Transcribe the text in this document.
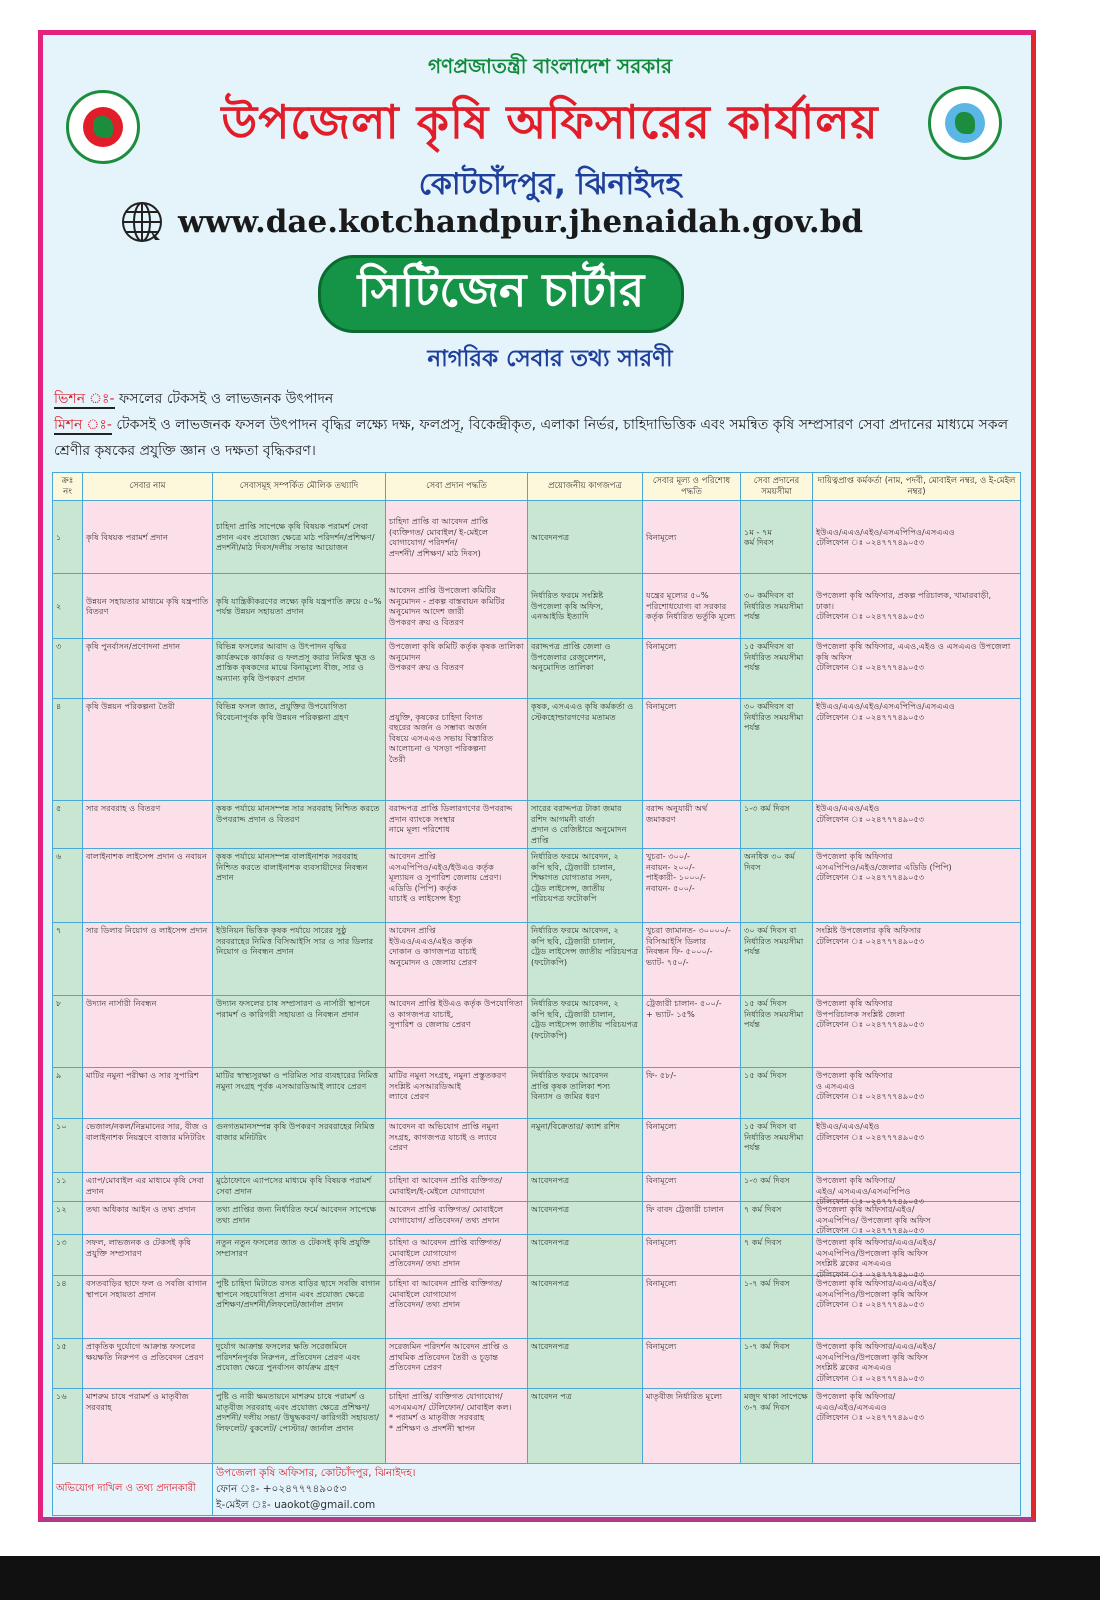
গণপ্রজাতন্ত্রী বাংলাদেশ সরকার
উপজেলা কৃষি অফিসারের কার্যালয়
কোটচাঁদপুর, ঝিনাইদহ
www.dae.kotchandpur.jhenaidah.gov.bd
সিটিজেন চার্টার
নাগরিক সেবার তথ্য সারণী
ভিশন ঃ- ফসলের টেকসই ও লাভজনক উৎপাদন
মিশন ঃ- টেকসই ও লাভজনক ফসল উৎপাদন বৃদ্ধির লক্ষ্যে দক্ষ, ফলপ্রসূ, বিকেন্দ্রীকৃত, এলাকা নির্ভর, চাহিদাভিত্তিক এবং সমন্বিত কৃষি সম্প্রসারণ সেবা প্রদানের মাধ্যমে সকল শ্রেণীর কৃষকের প্রযুক্তি জ্ঞান ও দক্ষতা বৃদ্ধিকরণ।
ক্রঃ নং	সেবার নাম	সেবাসমূহ সম্পর্কিত মৌলিক তথ্যাদি	সেবা প্রদান পদ্ধতি	প্রয়োজনীয় কাগজপত্র	সেবার মূল্য ও পরিশোধ পদ্ধতি	সেবা প্রদানের সময়সীমা	দায়িত্বপ্রাপ্ত কর্মকর্তা (নাম, পদবী, মোবাইল নম্বর, ও ই-মেইল নম্বর)

১	কৃষি বিষয়ক পরামর্শ প্রদান	চাহিদা প্রাপ্তি সাপেক্ষে কৃষি বিষয়ক পরামর্শ সেবা প্রদান এবং প্রযোজ্য ক্ষেত্রে মাঠ পরিদর্শন/প্রশিক্ষণ/প্রদর্শনী/মাঠ দিবস/দলীয় সভার আয়োজন	চাহিদা প্রাপ্তি বা আবেদন প্রাপ্তি
(ব্যক্তিগত/ মোবাইল/ ই-মেইলে
যোগাযোগ/ পরিদর্শন/
প্রদর্শনী/ প্রশিক্ষণ/ মাঠ দিবস)	আবেদনপত্র	বিনামূল্যে	১ম - ৭ম
কর্ম দিবস	ইউএও/এএও/এইও/এসএপিপিও/এসএএও
টেলিফোন ঃ ০২৪৭৭৭৪৯০৫৩

২	উন্নয়ন সহায়তার মাধ্যমে কৃষি যন্ত্রপাতি বিতরণ	কৃষি যান্ত্রিকীকরণের লক্ষ্যে কৃষি যন্ত্রপাতি ক্রয়ে ৫০% পর্যন্ত উন্নয়ন সহায়তা প্রদান	আবেদন প্রাপ্তি উপজেলা কমিটির
অনুমোদন - প্রকল্প বাস্তবায়ন কমিটির অনুমোদন আদেশ জারী
উপকরণ ক্রয় ও বিতরণ	নির্ধারিত ফরমে সংশ্লিষ্ট
উপজেলা কৃষি অফিস, এনআইডি ইত্যাদি	যন্ত্রের মূল্যের ৫০%
পরিশোধযোগ্য বা সরকার কর্তৃক নির্ধারিত ভর্তুকি মূল্যে	৩০ কর্মদিবস বা নির্ধারিত সময়সীমা পর্যন্ত	উপজেলা কৃষি অফিসার, প্রকল্প পরিচালক, খামারবাড়ী,
ঢাকা।
টেলিফোন ঃ ০২৪৭৭৭৪৯০৫৩

৩	কৃষি পুনর্বাসন/প্রণোদনা প্রদান	বিভিন্ন ফসলের আবাদ ও উৎপাদন বৃদ্ধির কার্যক্রমকে কার্যকর ও ফলপ্রসূ করার নিমিত্ত ক্ষুদ্র ও প্রান্তিক কৃষকদের মাঝে বিনামূল্যে বীজ, সার ও অন্যান্য কৃষি উপকরণ প্রদান	উপজেলা কৃষি কমিটি কর্তৃক কৃষক তালিকা অনুমোদন
উপকরণ ক্রয় ও বিতরণ	বরাদ্দপত্র প্রাপ্তি জেলা ও
উপজেলার রেজুলেশন,
অনুমোদিত তালিকা	বিনামূল্যে	১৫ কর্মদিবস বা নির্ধারিত সময়সীমা পর্যন্ত	উপজেলা কৃষি অফিসার, এএও,এইও ও এসএএও উপজেলা কৃষি অফিস
টেলিফোন ঃ ০২৪৭৭৭৪৯০৫৩

৪	কৃষি উন্নয়ন পরিকল্পনা তৈরী	বিভিন্ন ফসল জাত, প্রযুক্তির উপযোগিতা বিবেচনাপূর্বক কৃষি উন্নয়ন পরিকল্পনা গ্রহণ	
প্রযুক্তি, কৃষকের চাহিদা বিগত
বছরের অর্জন ও সম্ভাব্য অর্জন
বিষয়ে এসএএও সভায় বিস্তারিত
আলোচনা ও খসড়া পরিকল্পনা
তৈরী	কৃষক, এসএএও কৃষি কর্মকর্তা ও স্টেকহোল্ডারগণের মতামত	বিনামূল্যে	৩০ কর্মদিবস বা নির্ধারিত সময়সীমা পর্যন্ত	ইউএও/এএও/এইও/এসএপিপিও/এসএএও
টেলিফোন ঃ ০২৪৭৭৭৪৯০৫৩

৫	সার সরবরাহ ও বিতরণ	কৃষক পর্যায়ে মানসম্পন্ন সার সরবরাহ নিশ্চিত করতে উপবরাদ্দ প্রদান ও বিতরণ	বরাদ্দপত্র প্রাপ্তি ডিলারগণের উপবরাদ্দ প্রদান ব্যাংকে সংস্থার
নামে মূল্য পরিশোধ	সারের বরাদ্দপত্র টাকা জমার রশিদ আগমনী বার্তা
প্রদান ও রেজিষ্টারে অনুমোদন প্রাপ্তি	বরাদ্দ অনুযায়ী অর্থ
জমাকরণ	১-৩ কর্ম দিবস	ইউএও/এএও/এইও
টেলিফোন ঃ ০২৪৭৭৭৪৯০৫৩

৬	বালাইনাশক লাইসেন্স প্রদান ও নবায়ন	কৃষক পর্যায়ে মানসম্পন্ন বালাইনাশক সরবরাহ নিশ্চিত করতে বালাইনাশক ব্যবসায়ীদের নিবন্ধন প্রদান	আবেদন প্রাপ্তি
এসএপিপিও/এইও/ইউএও কর্তৃক
মূল্যায়ন ও সুপারিশ জেলায় প্রেরণ। এডিডি (পিপি) কর্তৃক
যাচাই ও লাইসেন্স ইস্যু	নির্ধারিত ফরমে আবেদন, ২
কপি ছবি, ট্রেজারী চালান, শিক্ষাগত যোগ্যতার সনদ,
ট্রেড লাইসেন্স, জাতীয় পরিচয়পত্র ফটোকপি	খুচরা- ৩০০/-
নবায়ন- ২০০/-
পাইকারী- ১০০০/-
নবায়ন- ৫০০/-	অনধিক ৩০ কর্ম দিবস	উপজেলা কৃষি অফিসার
এসএপিপিও/এইও/জেলার এডিডি (পিপি)
টেলিফোন ঃ ০২৪৭৭৭৪৯০৫৩

৭	সার ডিলার নিয়োগ ও লাইসেন্স প্রদান	ইউনিয়ন ভিত্তিক কৃষক পর্যায়ে সারের সুষ্ঠু সরবরাহের নিমিত্ত বিসিআইসি সার ও সার ডিলার নিয়োগ ও নিবন্ধন প্রদান	আবেদন প্রাপ্তি
ইউএও/এএও/এইও কর্তৃক
দোকান ও কাগজপত্র যাচাই
অনুমোদন ও জেলায় প্রেরণ	নির্ধারিত ফরমে আবেদন, ২
কপি ছবি, ট্রেজারী চালান,
ট্রেড লাইসেন্স জাতীয় পরিচয়পত্র
(ফটোকপি)	খুচরা জামানত- ৩০০০০/-
বিসিআইসি ডিলার
নিবন্ধন ফি- ৫০০০/-
ভ্যাট- ৭৫০/-	৩০ কর্ম দিবস বা নির্ধারিত সময়সীমা পর্যন্ত	সংশ্লিষ্ট উপজেলার কৃষি অফিসার
টেলিফোন ঃ ০২৪৭৭৭৪৯০৫৩

৮	উদ্যান নার্সারী নিবন্ধন	উদ্যান ফসলের চাষ সম্প্রসারণ ও নার্সারী স্থাপনে পরামর্শ ও কারিগরী সহায়তা ও নিবন্ধন প্রদান	আবেদন প্রাপ্তি ইউএও কর্তৃক উপযোগিতা ও কাগজপত্র যাচাই,
সুপারিশ ও জেলায় প্রেরণ	নির্ধারিত ফরমে আবেদন, ২
কপি ছবি, ট্রেজারী চালান,
ট্রেড লাইসেন্স জাতীয় পরিচয়পত্র
(ফটোকপি)	ট্রেজারী চালান- ৫০০/-
+ ভ্যাট- ১৫%	১৫ কর্ম দিবস নির্ধারিত সময়সীমা পর্যন্ত	উপজেলা কৃষি অফিসার
উপপরিচালক সংশ্লিষ্ট জেলা
টেলিফোন ঃ ০২৪৭৭৭৪৯০৫৩

৯	মাটির নমুনা পরীক্ষা ও সার সুপারিশ	মাটির স্বাস্থ্যসুরক্ষা ও পরিমিত সার ব্যবহারের নিমিত্ত নমুনা সংগ্রহ পূর্বক এসআরডিআই ল্যাবে প্রেরণ	মাটির নমুনা সংগ্রহ, নমুনা প্রস্তুতকরণ সংশ্লিষ্ট এসআরডিআই
ল্যাবে প্রেরণ	নির্ধারিত ফরমে আবেদন
প্রাপ্তি কৃষক তালিকা শস্য
বিন্যাস ও জমির ধরণ	ফি- ৫৮/-	১৫ কর্ম দিবস	উপজেলা কৃষি অফিসার
ও এসএএও
টেলিফোন ঃ ০২৪৭৭৭৪৯০৫৩

১০	ভেজাল/নকল/নিম্নমানের সার, বীজ ও বালাইনাশক নিয়ন্ত্রণে বাজার মনিটরিং	গুনগতমানসম্পন্ন কৃষি উপকরণ সরবরাহের নিমিত্ত বাজার মনিটরিং	আবেদন বা অভিযোগ প্রাপ্তি নমুনা
সংগ্রহ, কাগজপত্র যাচাই ও ল্যাবে
প্রেরণ	নমুনা/বিক্রেতার/ ক্যাশ রশিদ	বিনামূল্যে	১৫ কর্ম দিবস বা নির্ধারিত সময়সীমা পর্যন্ত	ইউএও/এএও/এইও
টেলিফোন ঃ ০২৪৭৭৭৪৯০৫৩

১১	এ্যাপ/মোবাইল এর মাধ্যমে কৃষি সেবা প্রদান	মুঠোফোনে এ্যাপসের মাধ্যমে কৃষি বিষয়ক পরামর্শ সেবা প্রদান	চাহিদা বা আবেদন প্রাপ্তি ব্যক্তিগত/মোবাইল/ই-মেইলে যোগাযোগ	আবেদনপত্র	বিনামূল্যে	১-৩ কর্ম দিবস	উপজেলা কৃষি অফিসার/
এইও/ এসএএও/এসএপিপিও
টেলিফোন ঃ ০২৪৭৭৭৪৯০৫৩

১২	তথ্য অধিকার আইন ও তথ্য প্রদান	তথ্য প্রাপ্তির জন্য নির্ধারিত ফর্মে আবেদন সাপেক্ষে তথ্য প্রদান	আবেদন প্রাপ্তি ব্যক্তিগত/ মোবাইলে যোগাযোগ/ প্রতিবেদন/ তথ্য প্রদান	আবেদনপত্র	ফি বাবদ ট্রেজারী চালান	৭ কর্ম দিবস	উপজেলা কৃষি অফিসার/এইও/
এসএপিপিও/ উপজেলা কৃষি অফিস
টেলিফোন ঃ ০২৪৭৭৭৪৯০৫৩

১৩	সফল, লাভজনক ও টেকসই কৃষি প্রযুক্তি সম্প্রসারণ	নতুন নতুন ফসলের জাত ও টেকসই কৃষি প্রযুক্তি সম্প্রসারণ	চাহিদা ও আবেদন প্রাপ্তি ব্যক্তিগত/ মোবাইলে যোগাযোগ
প্রতিবেদন/ তথ্য প্রদান	আবেদনপত্র	বিনামূল্যে	৭ কর্ম দিবস	উপজেলা কৃষি অফিসার/এএও/এইও/
এসএপিপিও/উপজেলা কৃষি অফিস
সংশ্লিষ্ট ব্লকের এসএএও
টেলিফোন ঃ ০২৪৭৭৭৪৯০৫৩

১৪	বসতবাড়ির ছাদে ফল ও সবজি বাগান স্থাপনে সহায়তা প্রদান	পুষ্টি চাহিদা মিটাতে বসত বাড়ির ছাদে সবজি বাগান স্থাপনে সহযোগিতা প্রদান এবং প্রযোজ্য ক্ষেত্রে
প্রশিক্ষণ/প্রদর্শনী/লিফলেট/জার্নাল প্রদান	চাহিদা বা আবেদন প্রাপ্তি ব্যক্তিগত/ মোবাইলে যোগাযোগ
প্রতিবেদন/ তথ্য প্রদান	আবেদনপত্র	বিনামূল্যে	১-৭ কর্ম দিবস	উপজেলা কৃষি অফিসার/এএও/এইও/
এসএপিপিও/উপজেলা কৃষি অফিস
টেলিফোন ঃ ০২৪৭৭৭৪৯০৫৩

১৫	প্রাকৃতিক দুর্যোগে আক্রান্ত ফসলের ক্ষয়ক্ষতি নিরুপণ ও প্রতিবেদন প্রেরণ	দুর্যোগ আক্রান্ত ফসলের ক্ষতি সরেজমিনে পরিদর্শনপূর্বক নিরুপন, প্রতিবেদন প্রেরণ এবং প্রযোজ্য ক্ষেত্রে পুনর্বাসন কার্যক্রম গ্রহণ	সরেজমিন পরিদর্শন আবেদন প্রাপ্তি ও প্রাথমিক প্রতিবেদন তৈরী ও চূড়ান্ত প্রতিবেদন প্রেরণ	আবেদনপত্র	বিনামূল্যে	১-৭ কর্ম দিবস	উপজেলা কৃষি অফিসার/এএও/এইও/
এসএপিপিও/উপজেলা কৃষি অফিস
সংশ্লিষ্ট ব্লকের এসএএও
টেলিফোন ঃ ০২৪৭৭৭৪৯০৫৩

১৬	মাশরুম চাষে পরামর্শ ও মাতৃবীজ সরবরাহ	পুষ্টি ও নারী ক্ষমতায়নে মাশরুম চাষে পরামর্শ ও মাতৃবীজ সরবরাহ এবং প্রযোজ্য ক্ষেত্রে প্রশিক্ষণ/ প্রদর্শনী/ দলীয় সভা/ উদ্বুদ্ধকরণ/ কারিগরী সহায়তা/ লিফলেট/ বুকলেট/ পোস্টার/ জার্নাল প্রদান	চাহিদা প্রাপ্তি/ ব্যক্তিগত যোগাযোগ/ এসএমএস/ টেলিফোন/ মোবাইল কল।
* পরামর্শ ও মাতৃবীজ সরবরাহ
* প্রশিক্ষণ ও প্রদর্শনী স্থাপন	আবেদন পত্র	মাতৃবীজ নির্ধারিত মূল্যে	মজুদ থাকা সাপেক্ষে ৩-৭ কর্ম দিবস	উপজেলা কৃষি অফিসার/
এএও/এইও/এসএএও
টেলিফোন ঃ ০২৪৭৭৭৪৯০৫৩

অভিযোগ দাখিল ও তথ্য প্রদানকারী		উপজেলা কৃষি অফিসার, কোটচাঁদপুর, ঝিনাইদহ।
ফোন ঃ- +০২৪৭৭৭৪৯০৫৩
ই-মেইল ঃ- uaokot@gmail.com					
